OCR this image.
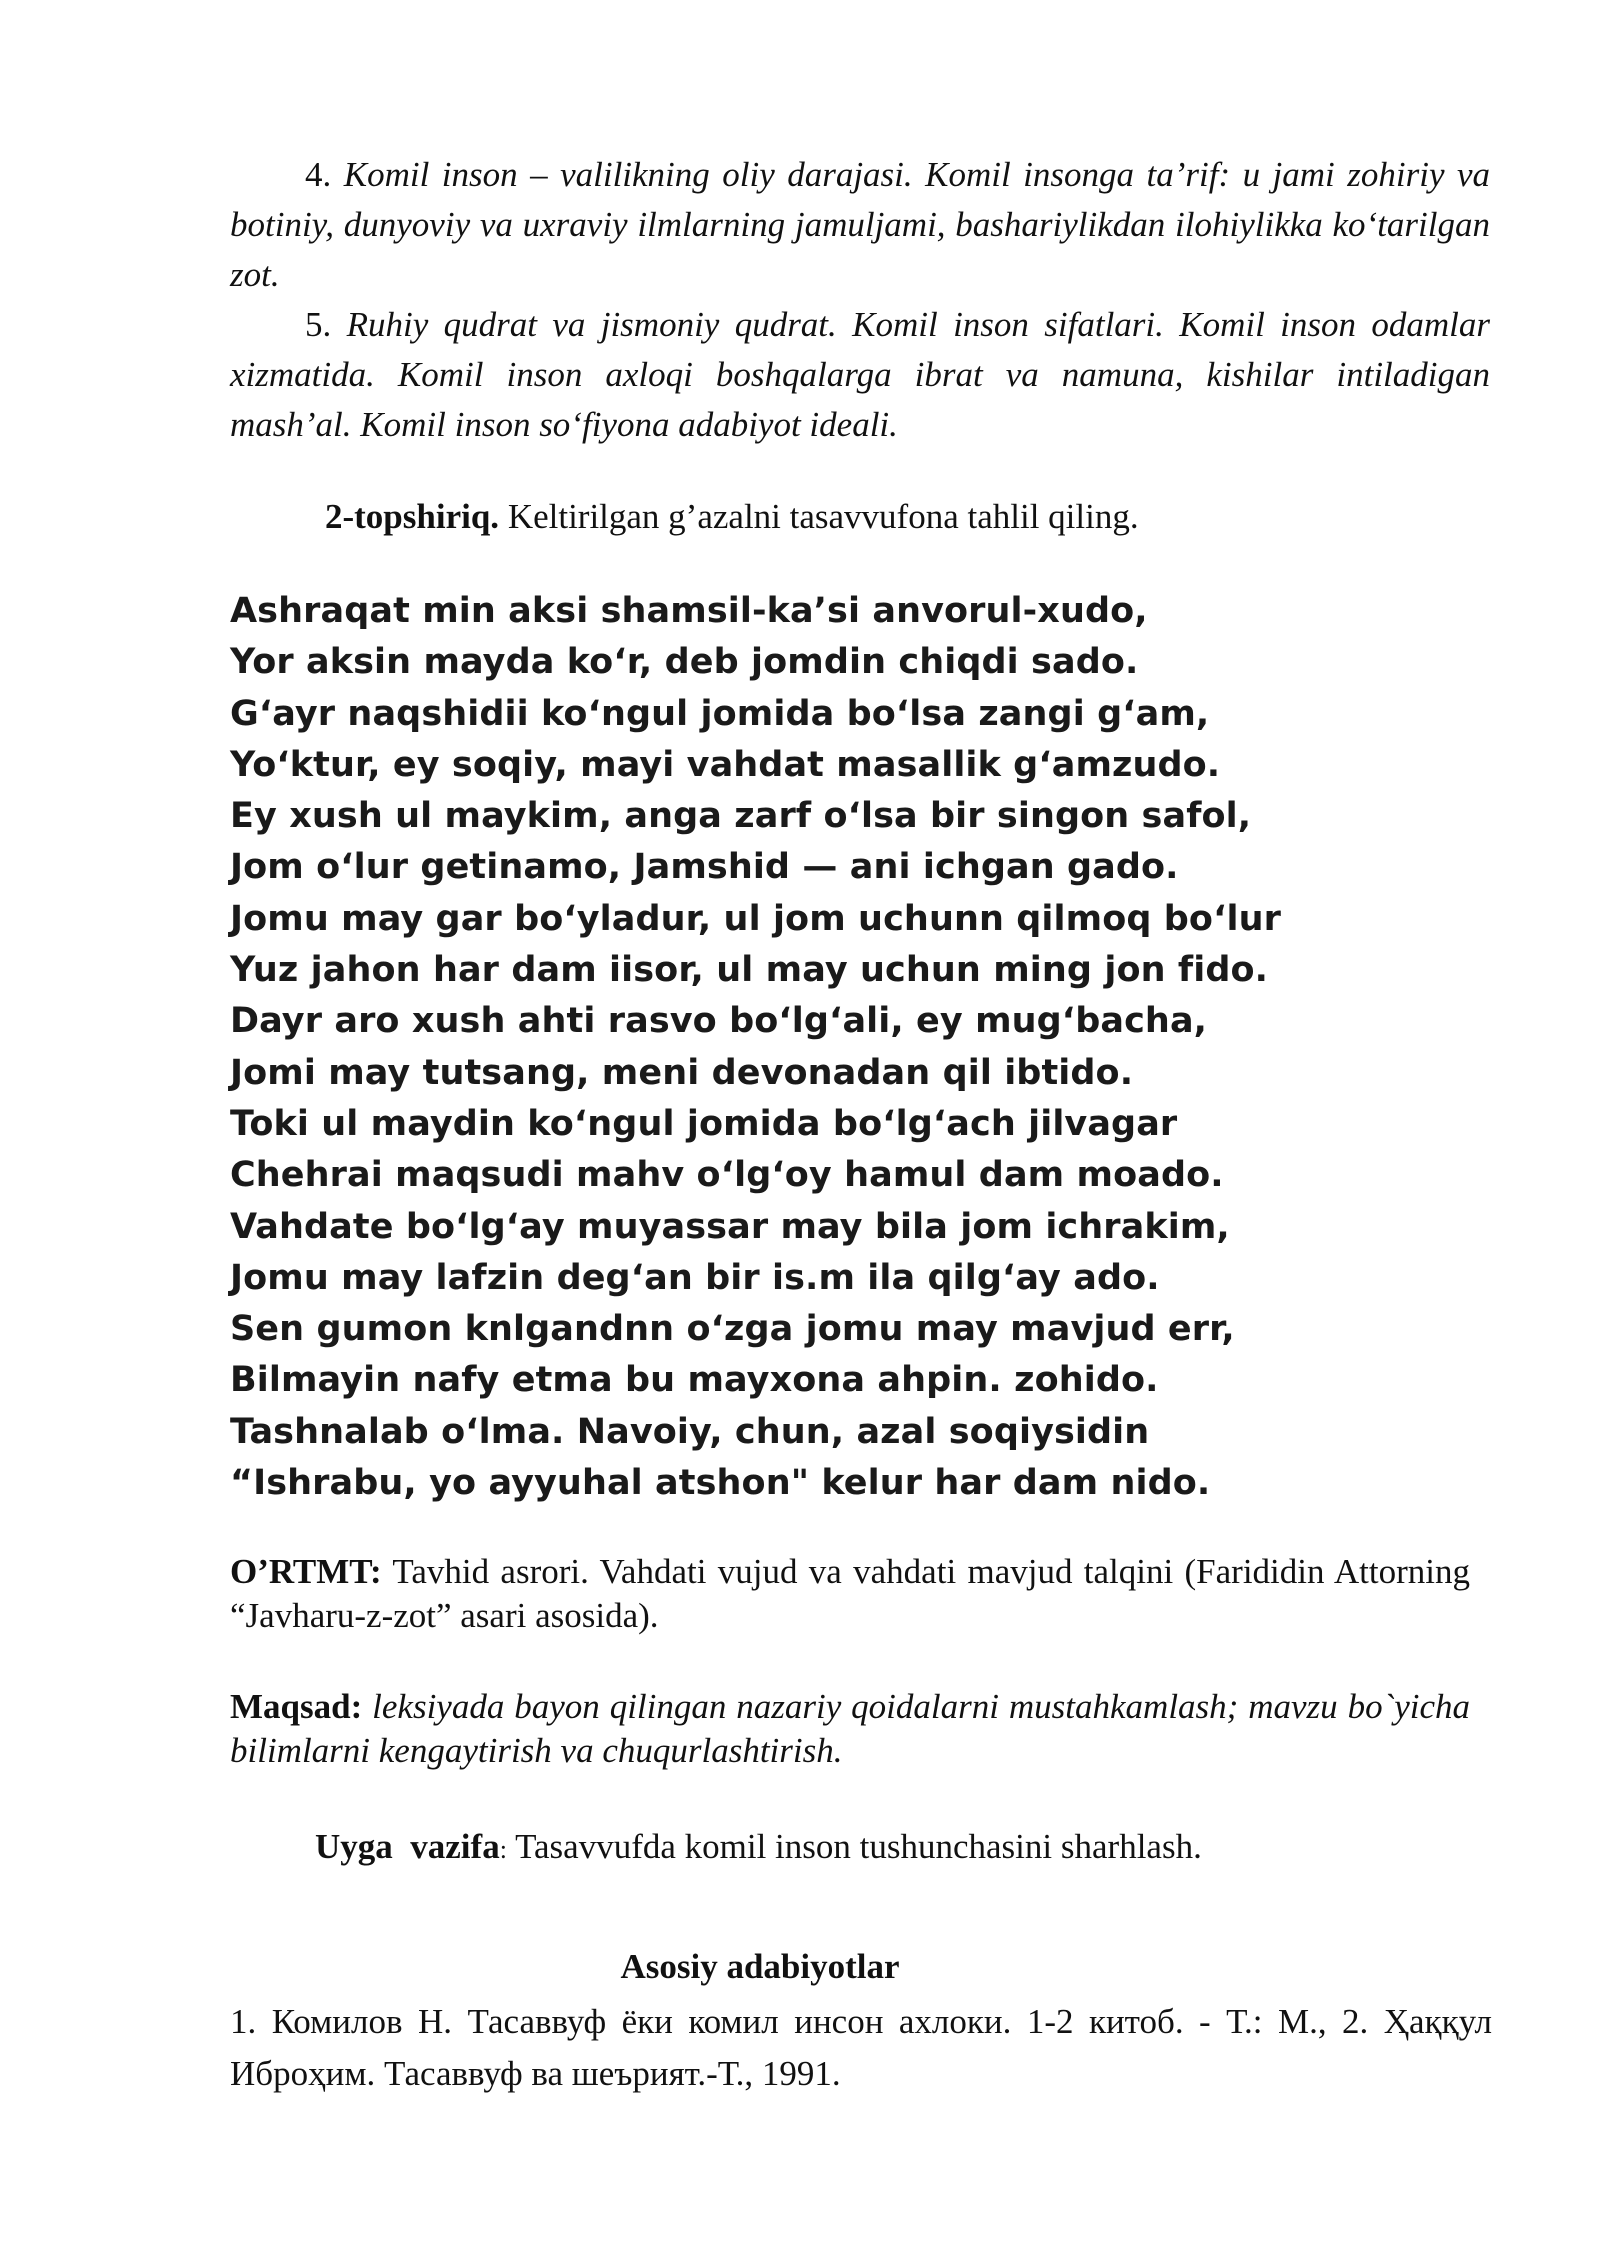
4. Komil inson – valilikning oliy darajasi. Komil insonga ta’rif: u jami zohiriy va botiniy, dunyoviy va uxraviy ilmlarning jamuljami, bashariylikdan ilohiylikka ko‘tarilgan zot.

5. Ruhiy qudrat va jismoniy qudrat. Komil inson sifatlari. Komil inson odamlar xizmatida. Komil inson axloqi boshqalarga ibrat va namuna, kishilar intiladigan mash’al. Komil inson so‘fiyona adabiyot ideali.

2-topshiriq. Keltirilgan g’azalni tasavvufona tahlil qiling.
Ashraqat min aksi shamsil-ka’si anvorul-xudo,
Yor aksin mayda ko‘r, deb jomdin chiqdi sado.
G‘ayr naqshidii ko‘ngul jomida bo‘lsa zangi g‘am,
Yo‘ktur, ey soqiy, mayi vahdat masallik g‘amzudo.
Ey xush ul maykim, anga zarf o‘lsa bir singon safol,
Jom o‘lur getinamo, Jamshid — ani ichgan gado.
Jomu may gar bo‘yladur, ul jom uchunn qilmoq bo‘lur
Yuz jahon har dam iisor, ul may uchun ming jon fido.
Dayr aro xush ahti rasvo bo‘lg‘ali, ey mug‘bacha,
Jomi may tutsang, meni devonadan qil ibtido.
Toki ul maydin ko‘ngul jomida bo‘lg‘ach jilvagar
Chehrai maqsudi mahv o‘lg‘oy hamul dam moado.
Vahdate bo‘lg‘ay muyassar may bila jom ichrakim,
Jomu may lafzin deg‘an bir is.m ila qilg‘ay ado.
Sen gumon knlgandnn o‘zga jomu may mavjud err,
Bilmayin nafy etma bu mayxona ahpin. zohido.
Tashnalab o‘lma. Navoiy, chun, azal soqiysidin
“Ishrabu, yo ayyuhal atshon" kelur har dam nido.
O’RTMT: Tavhid asrori. Vahdati vujud va vahdati mavjud talqini (Farididin Attorning “Javharu-z-zot” asari asosida).
Maqsad: leksiyada bayon qilingan nazariy qoidalarni mustahkamlash; mavzu bo`yicha bilimlarni kengaytirish va chuqurlashtirish.
Uyga  vazifa: Tasavvufda komil inson tushunchasini sharhlash.
Asosiy adabiyotlar
1. Комилов Н. Тасаввуф ёки комил инсон ахлоки. 1-2 китоб. - Т.: М., 2. Ҳаққул Иброҳим. Тасаввуф ва шеърият.-Т., 1991.
